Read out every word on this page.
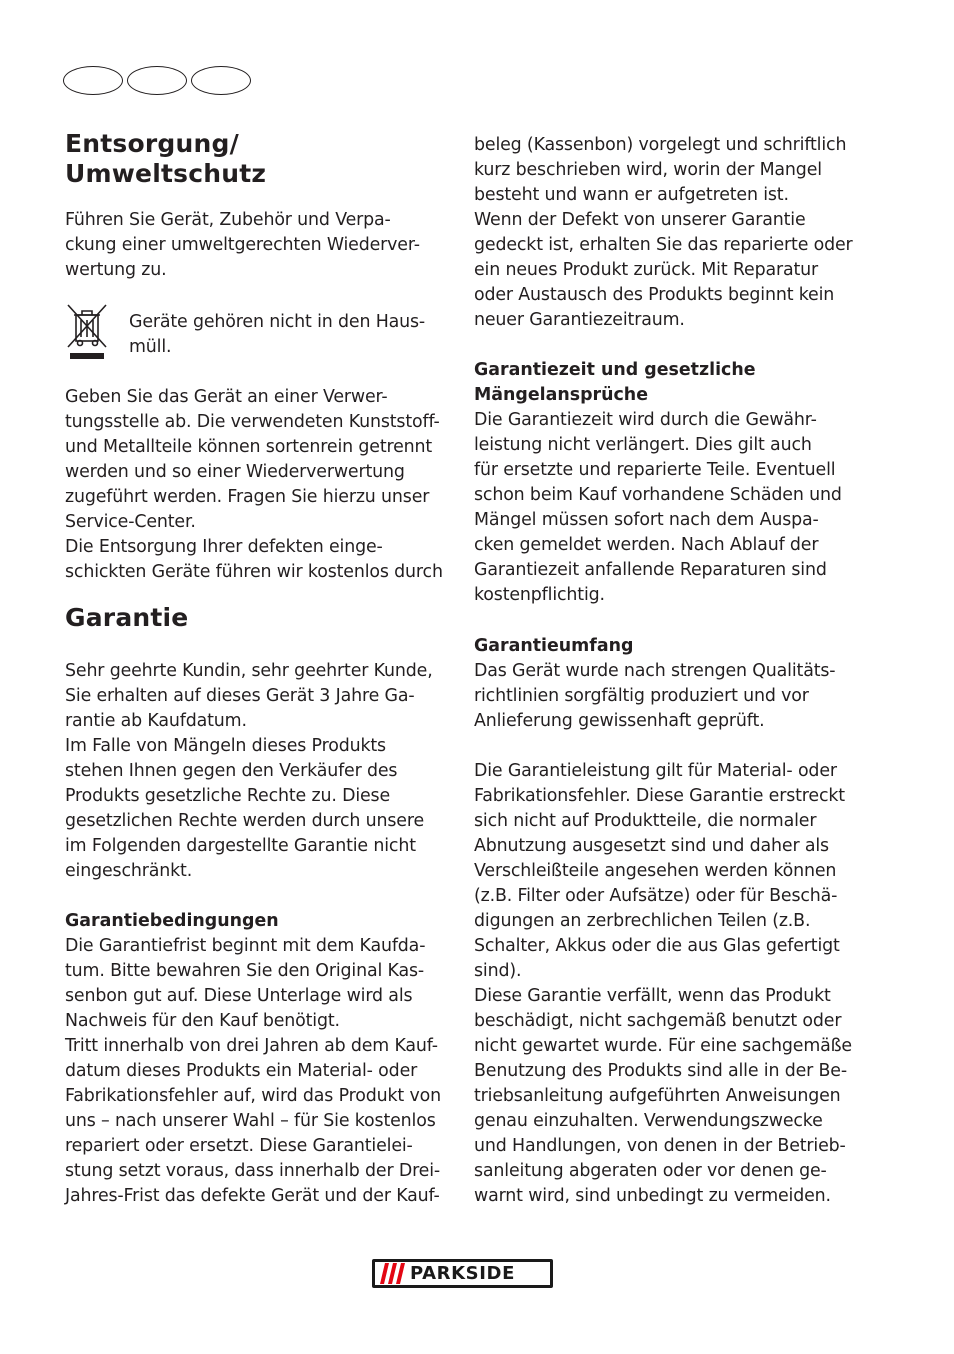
Entsorgung/
Umweltschutz

Führen Sie Gerät, Zubehör und Verpa-
ckung einer umweltgerechten Wiederver-
wertung zu.

Geräte gehören nicht in den Haus-
müll.

Geben Sie das Gerät an einer Verwer-
tungsstelle ab. Die verwendeten Kunststoff-
und Metallteile können sortenrein getrennt
werden und so einer Wiederverwertung
zugeführt werden. Fragen Sie hierzu unser
Service-Center.
Die Entsorgung Ihrer defekten einge-
schickten Geräte führen wir kostenlos durch

Garantie

Sehr geehrte Kundin, sehr geehrter Kunde,
Sie erhalten auf dieses Gerät 3 Jahre Ga-
rantie ab Kaufdatum.
Im Falle von Mängeln dieses Produkts
stehen Ihnen gegen den Verkäufer des
Produkts gesetzliche Rechte zu. Diese
gesetzlichen Rechte werden durch unsere
im Folgenden dargestellte Garantie nicht
eingeschränkt.

Garantiebedingungen

Die Garantiefrist beginnt mit dem Kaufda-
tum. Bitte bewahren Sie den Original Kas-
senbon gut auf. Diese Unterlage wird als
Nachweis für den Kauf benötigt.
Tritt innerhalb von drei Jahren ab dem Kauf-
datum dieses Produkts ein Material- oder
Fabrikationsfehler auf, wird das Produkt von
uns – nach unserer Wahl – für Sie kostenlos
repariert oder ersetzt. Diese Garantielei-
stung setzt voraus, dass innerhalb der Drei-
Jahres-Frist das defekte Gerät und der Kauf-

beleg (Kassenbon) vorgelegt und schriftlich
kurz beschrieben wird, worin der Mangel
besteht und wann er aufgetreten ist.
Wenn der Defekt von unserer Garantie
gedeckt ist, erhalten Sie das reparierte oder
ein neues Produkt zurück. Mit Reparatur
oder Austausch des Produkts beginnt kein
neuer Garantiezeitraum.

Garantiezeit und gesetzliche
Mängelansprüche

Die Garantiezeit wird durch die Gewähr-
leistung nicht verlängert. Dies gilt auch
für ersetzte und reparierte Teile. Eventuell
schon beim Kauf vorhandene Schäden und
Mängel müssen sofort nach dem Auspa-
cken gemeldet werden. Nach Ablauf der
Garantiezeit anfallende Reparaturen sind
kostenpflichtig.

Garantieumfang

Das Gerät wurde nach strengen Qualitäts-
richtlinien sorgfältig produziert und vor
Anlieferung gewissenhaft geprüft.

Die Garantieleistung gilt für Material- oder
Fabrikationsfehler. Diese Garantie erstreckt
sich nicht auf Produktteile, die normaler
Abnutzung ausgesetzt sind und daher als
Verschleißteile angesehen werden können
(z.B. Filter oder Aufsätze) oder für Beschä-
digungen an zerbrechlichen Teilen (z.B.
Schalter, Akkus oder die aus Glas gefertigt
sind).
Diese Garantie verfällt, wenn das Produkt
beschädigt, nicht sachgemäß benutzt oder
nicht gewartet wurde. Für eine sachgemäße
Benutzung des Produkts sind alle in der Be-
triebsanleitung aufgeführten Anweisungen
genau einzuhalten. Verwendungszwecke
und Handlungen, von denen in der Betrieb-
sanleitung abgeraten oder vor denen ge-
warnt wird, sind unbedingt zu vermeiden.

PARKSIDE
